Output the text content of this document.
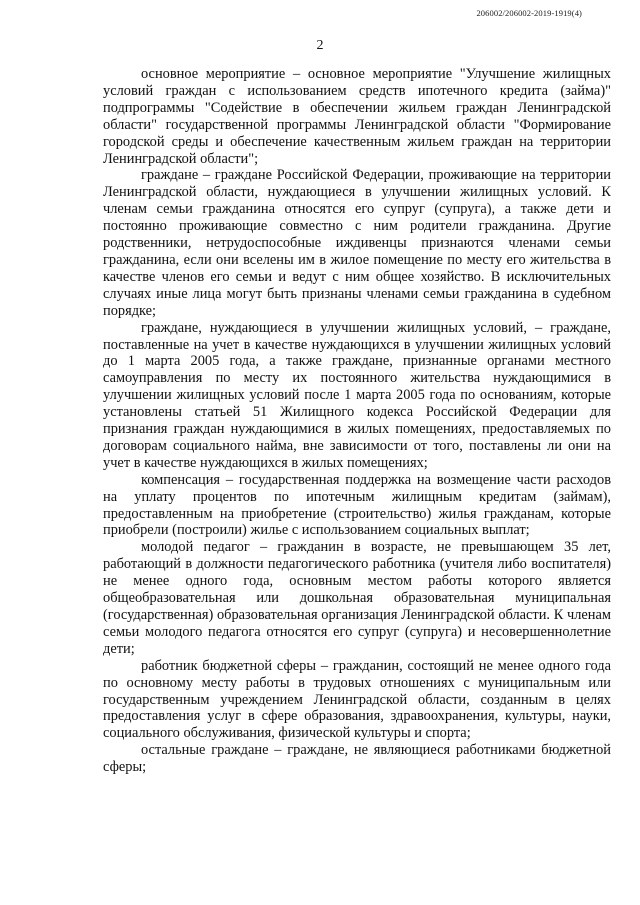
206002/206002-2019-1919(4)
2

основное мероприятие – основное мероприятие "Улучшение жилищных условий граждан с использованием средств ипотечного кредита (займа)" подпрограммы "Содействие в обеспечении жильем граждан Ленинградской области" государственной программы Ленинградской области "Формирование городской среды и обеспечение качественным жильем граждан на территории Ленинградской области";

граждане – граждане Российской Федерации, проживающие на территории Ленинградской области, нуждающиеся в улучшении жилищных условий. К членам семьи гражданина относятся его супруг (супруга), а также дети и постоянно проживающие совместно с ним родители гражданина. Другие родственники, нетрудоспособные иждивенцы признаются членами семьи гражданина, если они вселены им в жилое помещение по месту его жительства в качестве членов его семьи и ведут с ним общее хозяйство. В исключительных случаях иные лица могут быть признаны членами семьи гражданина в судебном порядке;

граждане, нуждающиеся в улучшении жилищных условий, – граждане, поставленные на учет в качестве нуждающихся в улучшении жилищных условий до 1 марта 2005 года, а также граждане, признанные органами местного самоуправления по месту их постоянного жительства нуждающимися в улучшении жилищных условий после 1 марта 2005 года по основаниям, которые установлены статьей 51 Жилищного кодекса Российской Федерации для признания граждан нуждающимися в жилых помещениях, предоставляемых по договорам социального найма, вне зависимости от того, поставлены ли они на учет в качестве нуждающихся в жилых помещениях;

компенсация – государственная поддержка на возмещение части расходов на уплату процентов по ипотечным жилищным кредитам (займам), предоставленным на приобретение (строительство) жилья гражданам, которые приобрели (построили) жилье с использованием социальных выплат;

молодой педагог – гражданин в возрасте, не превышающем 35 лет, работающий в должности педагогического работника (учителя либо воспитателя) не менее одного года, основным местом работы которого является общеобразовательная или дошкольная образовательная муниципальная (государственная) образовательная организация Ленинградской области. К членам семьи молодого педагога относятся его супруг (супруга) и несовершеннолетние дети;

работник бюджетной сферы – гражданин, состоящий не менее одного года по основному месту работы в трудовых отношениях с муниципальным или государственным учреждением Ленинградской области, созданным в целях предоставления услуг в сфере образования, здравоохранения, культуры, науки, социального обслуживания, физической культуры и спорта;

остальные граждане – граждане, не являющиеся работниками бюджетной сферы;
